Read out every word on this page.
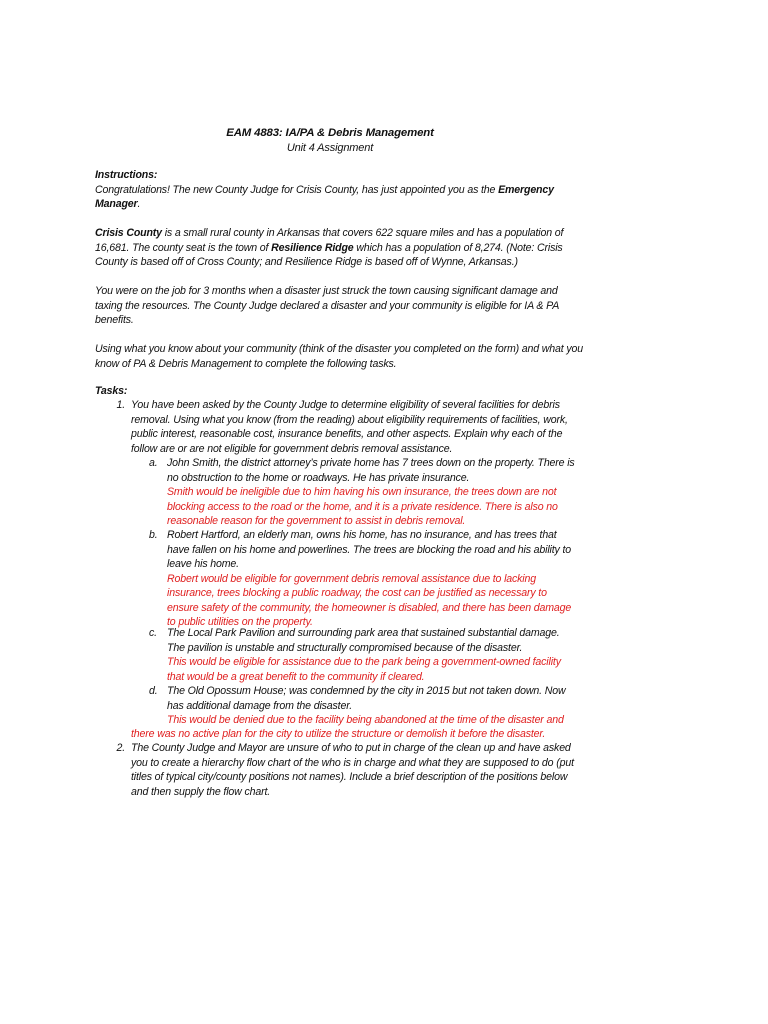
EAM 4883: IA/PA & Debris Management
Unit 4 Assignment
Instructions:
Congratulations! The new County Judge for Crisis County, has just appointed you as the Emergency
Manager.
Crisis County is a small rural county in Arkansas that covers 622 square miles and has a population of
16,681. The county seat is the town of Resilience Ridge which has a population of 8,274. (Note: Crisis
County is based off of Cross County; and Resilience Ridge is based off of Wynne, Arkansas.)
You were on the job for 3 months when a disaster just struck the town causing significant damage and
taxing the resources. The County Judge declared a disaster and your community is eligible for IA & PA
benefits.
Using what you know about your community (think of the disaster you completed on the form) and what you
know of PA & Debris Management to complete the following tasks.
Tasks:
1. You have been asked by the County Judge to determine eligibility of several facilities for debris
removal. Using what you know (from the reading) about eligibility requirements of facilities, work,
public interest, reasonable cost, insurance benefits, and other aspects. Explain why each of the
follow are or are not eligible for government debris removal assistance.
a. John Smith, the district attorney’s private home has 7 trees down on the property. There is
no obstruction to the home or roadways. He has private insurance.
Smith would be ineligible due to him having his own insurance, the trees down are not
blocking access to the road or the home, and it is a private residence. There is also no
reasonable reason for the government to assist in debris removal.
b. Robert Hartford, an elderly man, owns his home, has no insurance, and has trees that
have fallen on his home and powerlines. The trees are blocking the road and his ability to
leave his home.
Robert would be eligible for government debris removal assistance due to lacking
insurance, trees blocking a public roadway, the cost can be justified as necessary to
ensure safety of the community, the homeowner is disabled, and there has been damage
to public utilities on the property.
c. The Local Park Pavilion and surrounding park area that sustained substantial damage.
The pavilion is unstable and structurally compromised because of the disaster.
This would be eligible for assistance due to the park being a government-owned facility
that would be a great benefit to the community if cleared.
d. The Old Opossum House; was condemned by the city in 2015 but not taken down. Now
has additional damage from the disaster.
This would be denied due to the facility being abandoned at the time of the disaster and
there was no active plan for the city to utilize the structure or demolish it before the disaster.
2. The County Judge and Mayor are unsure of who to put in charge of the clean up and have asked
you to create a hierarchy flow chart of the who is in charge and what they are supposed to do (put
titles of typical city/county positions not names). Include a brief description of the positions below
and then supply the flow chart.
